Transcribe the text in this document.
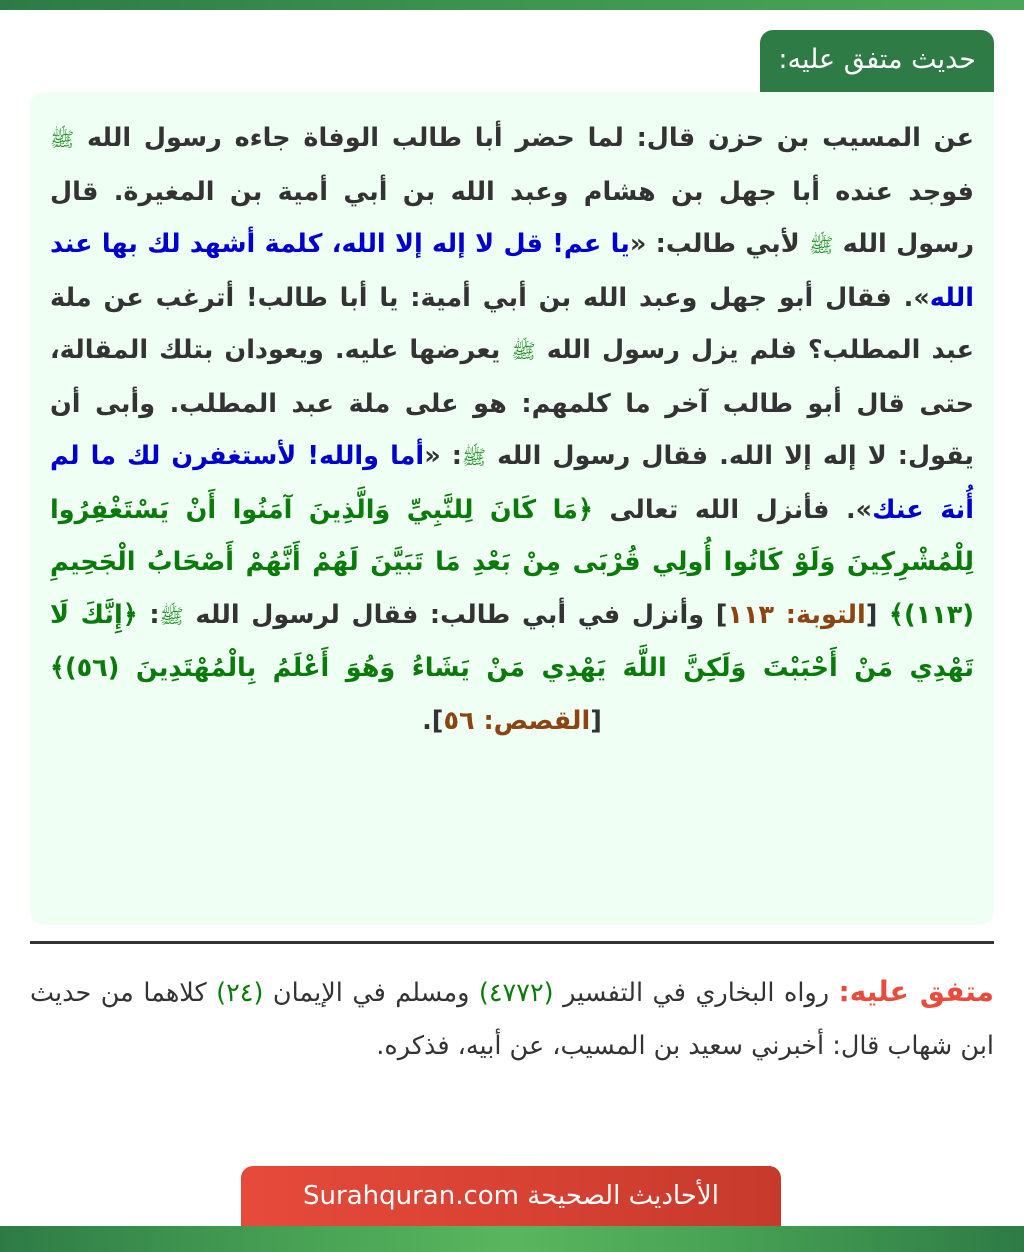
حديث متفق عليه:

عن المسيب بن حزن قال: لما حضر أبا طالب الوفاة جاءه رسول الله ﷺ فوجد عنده أبا جهل بن هشام وعبد الله بن أبي أمية بن المغيرة. قال رسول الله ﷺ لأبي طالب: «يا عم! قل لا إله إلا الله، كلمة أشهد لك بها عند الله». فقال أبو جهل وعبد الله بن أبي أمية: يا أبا طالب! أترغب عن ملة عبد المطلب؟ فلم يزل رسول الله ﷺ يعرضها عليه. ويعودان بتلك المقالة، حتى قال أبو طالب آخر ما كلمهم: هو على ملة عبد المطلب. وأبى أن يقول: لا إله إلا الله. فقال رسول الله ﷺ: «أما والله! لأستغفرن لك ما لم أُنهَ عنك». فأنزل الله تعالى ﴿مَا كَانَ لِلنَّبِيِّ وَالَّذِينَ آمَنُوا أَنْ يَسْتَغْفِرُوا لِلْمُشْرِكِينَ وَلَوْ كَانُوا أُولِي قُرْبَى مِنْ بَعْدِ مَا تَبَيَّنَ لَهُمْ أَنَّهُمْ أَصْحَابُ الْجَحِيمِ (١١٣)﴾ [التوبة: ١١٣] وأنزل في أبي طالب: فقال لرسول الله ﷺ: ﴿إِنَّكَ لَا تَهْدِي مَنْ أَحْبَبْتَ وَلَكِنَّ اللَّهَ يَهْدِي مَنْ يَشَاءُ وَهُوَ أَعْلَمُ بِالْمُهْتَدِينَ (٥٦)﴾ [القصص: ٥٦].

متفق عليه: رواه البخاري في التفسير (٤٧٧٢) ومسلم في الإيمان (٢٤) كلاهما من حديث ابن شهاب قال: أخبرني سعيد بن المسيب، عن أبيه، فذكره.

الأحاديث الصحيحة Surahquran.com
